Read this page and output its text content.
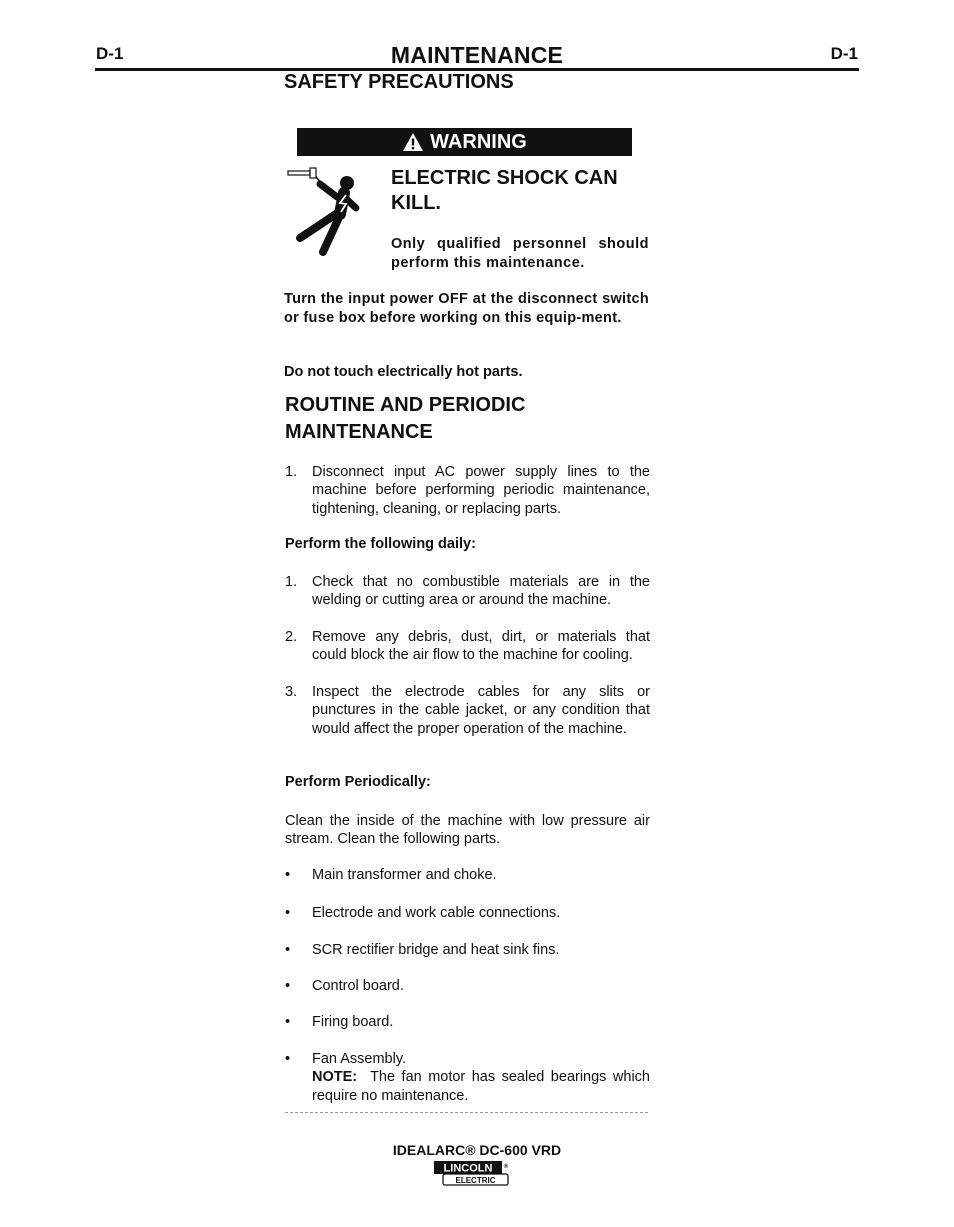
D-1	MAINTENANCE	D-1
SAFETY PRECAUTIONS
WARNING
ELECTRIC SHOCK CAN KILL.
Only qualified personnel should perform this maintenance.
Turn the input power OFF at the disconnect switch or fuse box before working on this equip-ment.
Do not touch electrically hot parts.
ROUTINE AND PERIODIC MAINTENANCE
1. Disconnect input AC power supply lines to the machine before performing periodic maintenance, tightening, cleaning, or replacing parts.
Perform the following daily:
1. Check that no combustible materials are in the welding or cutting area or around the machine.
2. Remove any debris, dust, dirt, or materials that could block the air flow to the machine for cooling.
3. Inspect the electrode cables for any slits or punctures in the cable jacket, or any condition that would affect the proper operation of the machine.
Perform Periodically:
Clean the inside of the machine with low pressure air stream. Clean the following parts.
• Main transformer and choke.
• Electrode and work cable connections.
• SCR rectifier bridge and heat sink fins.
• Control board.
• Firing board.
• Fan Assembly.
NOTE: The fan motor has sealed bearings which require no maintenance.
IDEALARC® DC-600 VRD
LINCOLN ®
ELECTRIC
